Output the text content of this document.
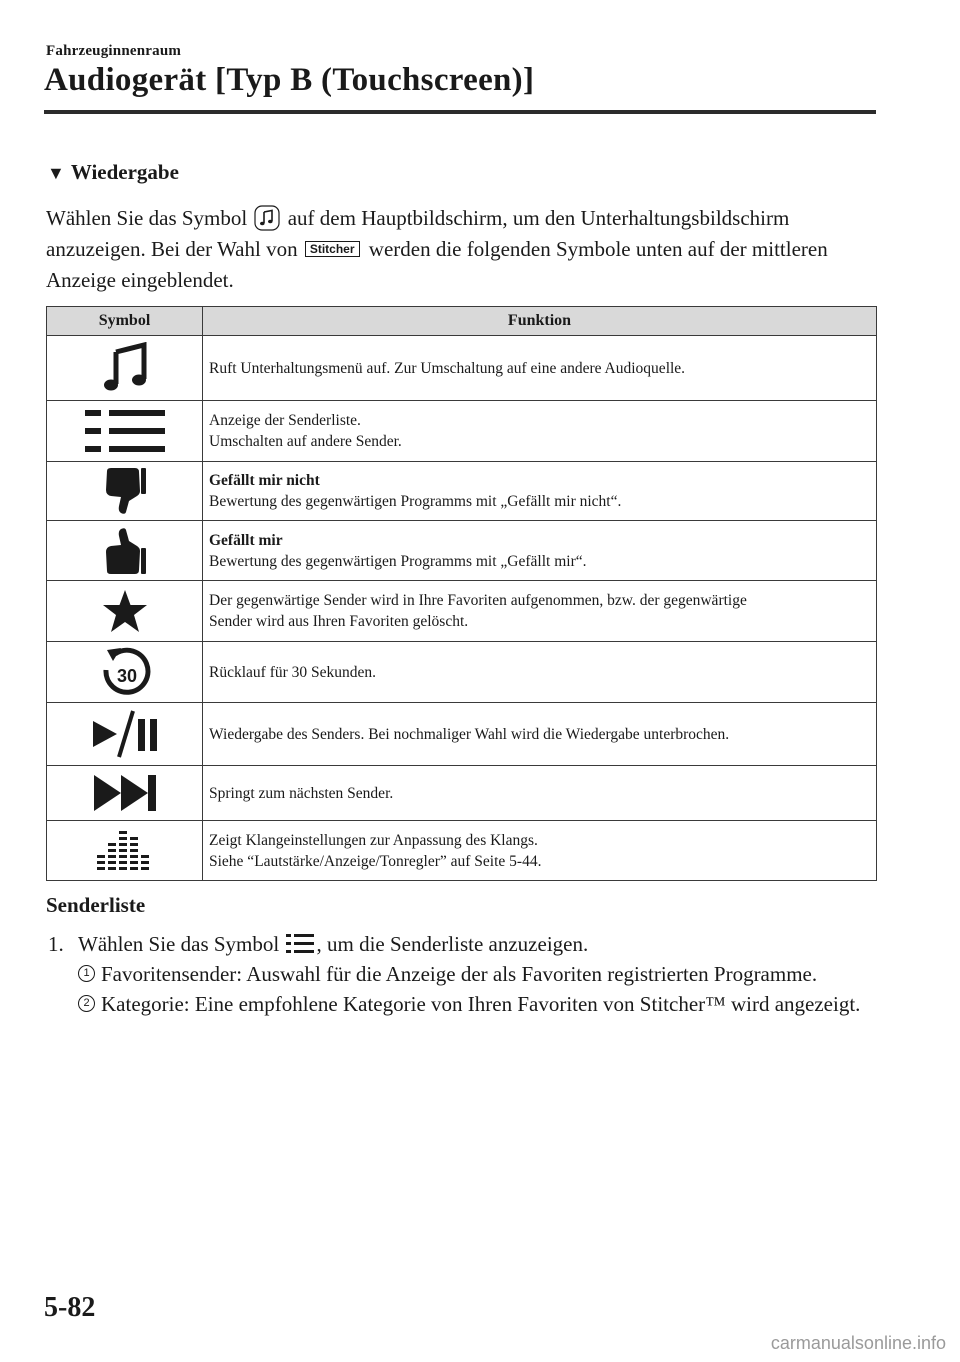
Fahrzeuginnenraum
Audiogerät [Typ B (Touchscreen)]
▼ Wiedergabe
Wählen Sie das Symbol auf dem Hauptbildschirm, um den Unterhaltungsbildschirm anzuzeigen. Bei der Wahl von Stitcher werden die folgenden Symbole unten auf der mittleren Anzeige eingeblendet.
Symbol	Funktion

Ruft Unterhaltungsmenü auf. Zur Umschaltung auf eine andere Audioquelle.

Anzeige der Senderliste.
Umschalten auf andere Sender.

Gefällt mir nicht
Bewertung des gegenwärtigen Programms mit „Gefällt mir nicht“.

Gefällt mir
Bewertung des gegenwärtigen Programms mit „Gefällt mir“.

Der gegenwärtige Sender wird in Ihre Favoriten aufgenommen, bzw. der gegenwärtige
Sender wird aus Ihren Favoriten gelöscht.

30	Rücklauf für 30 Sekunden.

Wiedergabe des Senders. Bei nochmaliger Wahl wird die Wiedergabe unterbrochen.

Springt zum nächsten Sender.

Zeigt Klangeinstellungen zur Anpassung des Klangs.
Siehe “Lautstärke/Anzeige/Tonregler” auf Seite 5-44.
Senderliste
1. Wählen Sie das Symbol , um die Senderliste anzuzeigen.
1 Favoritensender: Auswahl für die Anzeige der als Favoriten registrierten Programme.
2 Kategorie: Eine empfohlene Kategorie von Ihren Favoriten von Stitcher™ wird angezeigt.
5-82
carmanualsonline.info
